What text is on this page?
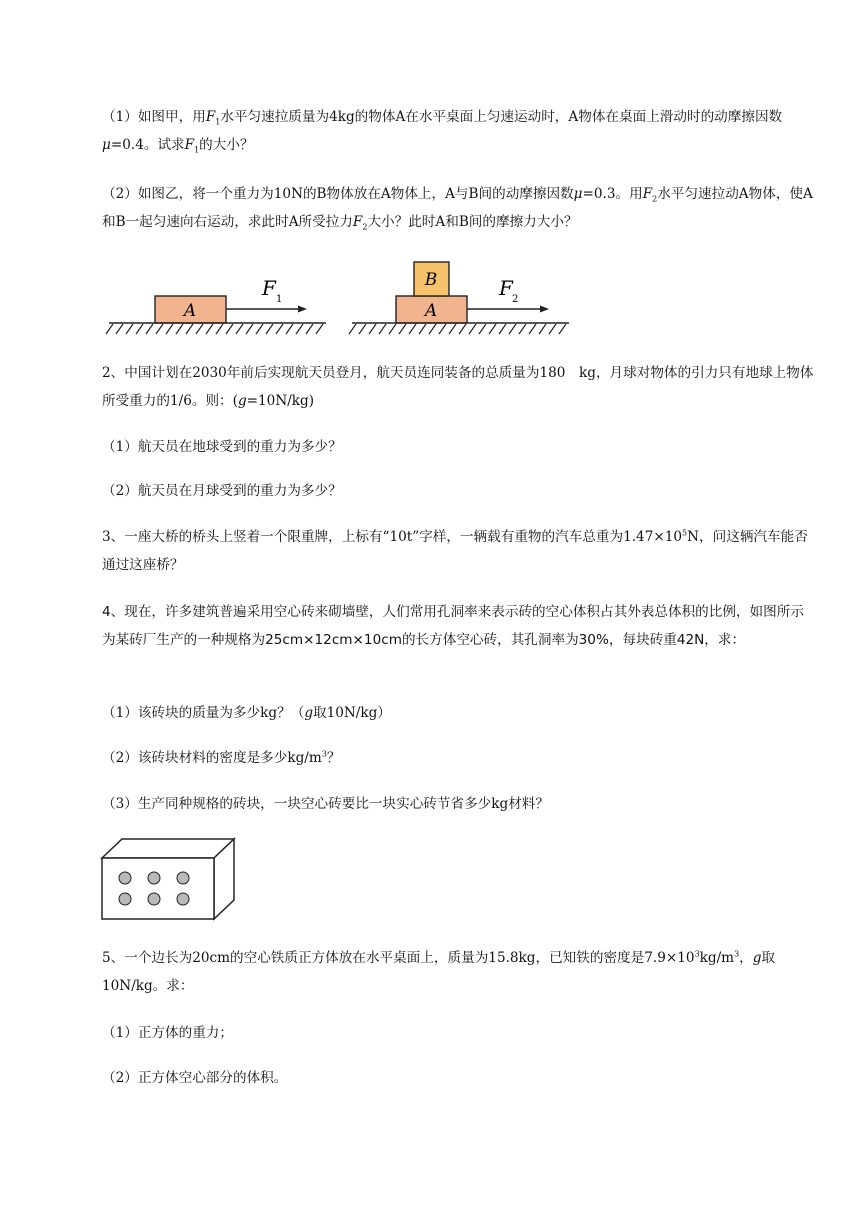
（1）如图甲，用$F_1$水平匀速拉质量为4kg的物体A在水平桌面上匀速运动时，A物体在桌面上滑动时的动摩擦因数μ=0.4。试求$F_1$的大小？
（2）如图乙，将一个重力为10N的B物体放在A物体上，A与B间的动摩擦因数μ=0.3。用$F_2$水平匀速拉动A物体，使A和B一起匀速向右运动，求此时A所受拉力$F_2$大小？此时A和B间的摩擦力大小？
A
F 1
A
B	F 2
2、中国计划在2030年前后实现航天员登月，航天员连同装备的总质量为180　kg，月球对物体的引力只有地球上物体所受重力的1/6。则：(g=10N/kg)
（1）航天员在地球受到的重力为多少？
（2）航天员在月球受到的重力为多少？
3、一座大桥的桥头上竖着一个限重牌，上标有“10t”字样，一辆载有重物的汽车总重为$1.47\times 10^5N$，问这辆汽车能否通过这座桥？
4、现在，许多建筑普遍采用空心砖来砌墙壁，人们常用孔洞率来表示砖的空心体积占其外表总体积的比例，如图所示为某砖厂生产的一种规格为25cm×12cm×10cm的长方体空心砖，其孔洞率为30%，每块砖重42N，求：
（1）该砖块的质量为多少kg？（g取10N/kg）
（2）该砖块材料的密度是多少$kg/m^3$？
（3）生产同种规格的砖块，一块空心砖要比一块实心砖节省多少kg材料？
5、一个边长为20cm的空心铁质正方体放在水平桌面上，质量为15.8kg，已知铁的密度是$7.9\times 10^3kg/m^3$，g取10N/kg。求：
（1）正方体的重力；
（2）正方体空心部分的体积。
